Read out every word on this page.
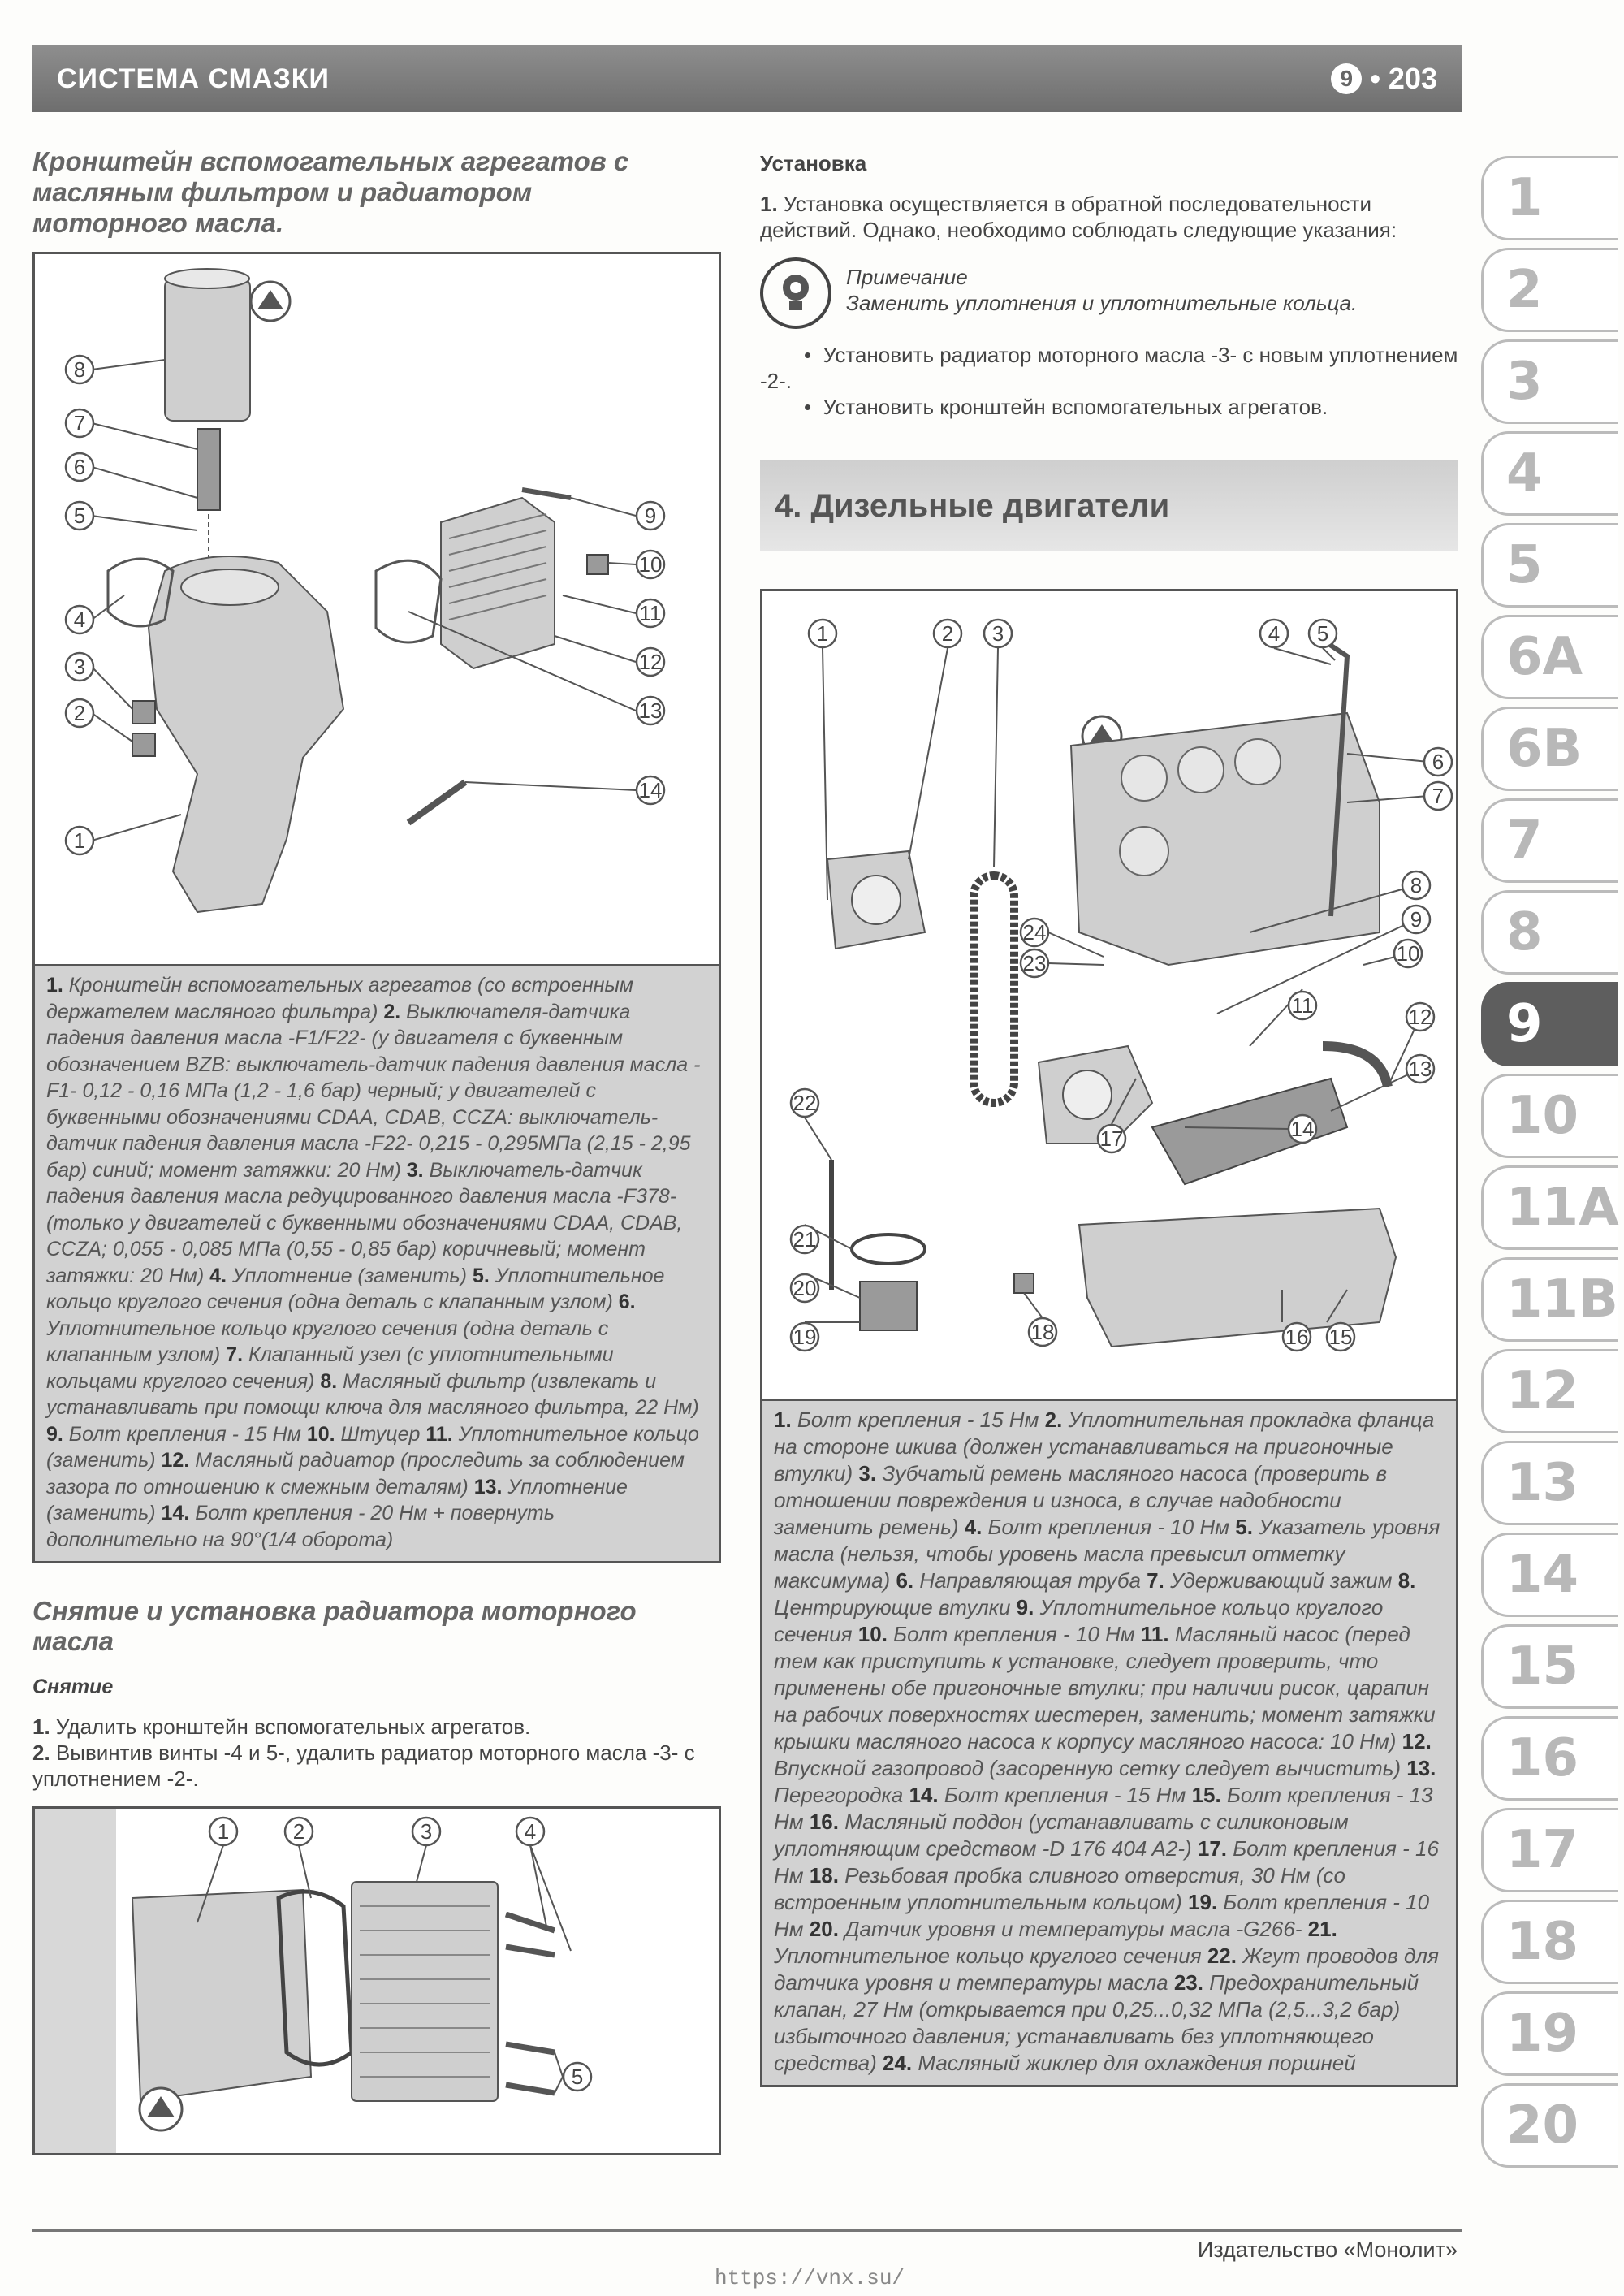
СИСТЕМА СМАЗКИ	9 • 203
Кронштейн вспомогательных агрегатов с масляным фильтром и радиатором моторного масла.
8
7
6
5
4
3
2
1
9
10
11
12
13
14
1. Кронштейн вспомогательных агрегатов (со встроенным держателем масляного фильтра) 2. Выключателя-датчика падения давления масла -F1/F22- (у двигателя с буквенным обозначением BZB: выключатель-датчик падения давления масла -F1- 0,12 - 0,16 МПа (1,2 - 1,6 бар) черный; у двигателей с буквенными обозначениями CDAA, CDAB, CCZA: выключатель-датчик падения давления масла -F22- 0,215 - 0,295МПа (2,15 - 2,95 бар) синий; момент затяжки: 20 Нм) 3. Выключатель-датчик падения давления масла редуцированного давления масла -F378- (только у двигателей с буквенными обозначениями CDAA, CDAB, CCZA; 0,055 - 0,085 МПа (0,55 - 0,85 бар) коричневый; момент затяжки: 20 Нм) 4. Уплотнение (заменить) 5. Уплотнительное кольцо круглого сечения (одна деталь с клапанным узлом) 6. Уплотнительное кольцо круглого сечения (одна деталь с клапанным узлом) 7. Клапанный узел (с уплотнительными кольцами круглого сечения) 8. Масляный фильтр (извлекать и устанавливать при помощи ключа для масляного фильтра, 22 Нм) 9. Болт крепления - 15 Нм 10. Штуцер 11. Уплотнительное кольцо (заменить) 12. Масляный радиатор (проследить за соблюдением зазора по отношению к смежным деталям) 13. Уплотнение (заменить) 14. Болт крепления - 20 Нм + повернуть дополнительно на 90°(1/4 оборота)
Снятие и установка радиатора моторного масла
Снятие
1. Удалить кронштейн вспомогательных агрегатов.
2. Вывинтив винты -4 и 5-, удалить радиатор моторного масла -3- с уплотнением -2-.
1	2	3	4
5
Установка
1. Установка осуществляется в обратной последовательности действий. Однако, необходимо соблюдать следующие указания:
Примечание
Заменить уплотнения и уплотнительные кольца.
•  Установить радиатор моторного масла -3- с новым уплотнением -2-.
•  Установить кронштейн вспомогательных агрегатов.
4. Дизельные двигатели
1	2 3	4 5
6
7
8
9
10
11	12
13
14
15
16
17
18
19
20
21
22
23
24
1. Болт крепления - 15 Нм 2. Уплотнительная прокладка фланца на стороне шкива (должен устанавливаться на пригоночные втулки) 3. Зубчатый ремень масляного насоса (проверить в отношении повреждения и износа, в случае надобности заменить ремень) 4. Болт крепления - 10 Нм 5. Указатель уровня масла (нельзя, чтобы уровень масла превысил отметку максимума) 6. Направляющая труба 7. Удерживающий зажим 8. Центрирующие втулки 9. Уплотнительное кольцо круглого сечения 10. Болт крепления - 10 Нм 11. Масляный насос (перед тем как приступить к установке, следует проверить, что применены обе пригоночные втулки; при наличии рисок, царапин на рабочих поверхностях шестерен, заменить; момент затяжки крышки масляного насоса к корпусу масляного насоса: 10 Нм) 12. Впускной газопровод (засоренную сетку следует вычистить) 13. Перегородка 14. Болт крепления - 15 Нм 15. Болт крепления - 13 Нм 16. Масляный поддон (устанавливать с силиконовым уплотняющим средством -D 176 404 A2-) 17. Болт крепления - 16 Нм 18. Резьбовая пробка сливного отверстия, 30 Нм (со встроенным уплотнительным кольцом) 19. Болт крепления - 10 Нм 20. Датчик уровня и температуры масла -G266- 21. Уплотнительное кольцо круглого сечения 22. Жгут проводов для датчика уровня и температуры масла 23. Предохранительный клапан, 27 Нм (открывается при 0,25...0,32 МПа (2,5...3,2 бар) избыточного давления; устанавливать без уплотняющего средства) 24. Масляный жиклер для охлаждения поршней
1
2
3
4
5
6A
6B
7
8
9
10
11A
11B
12
13
14
15
16
17
18
19
20
Издательство «Монолит»
https://vnx.su/
